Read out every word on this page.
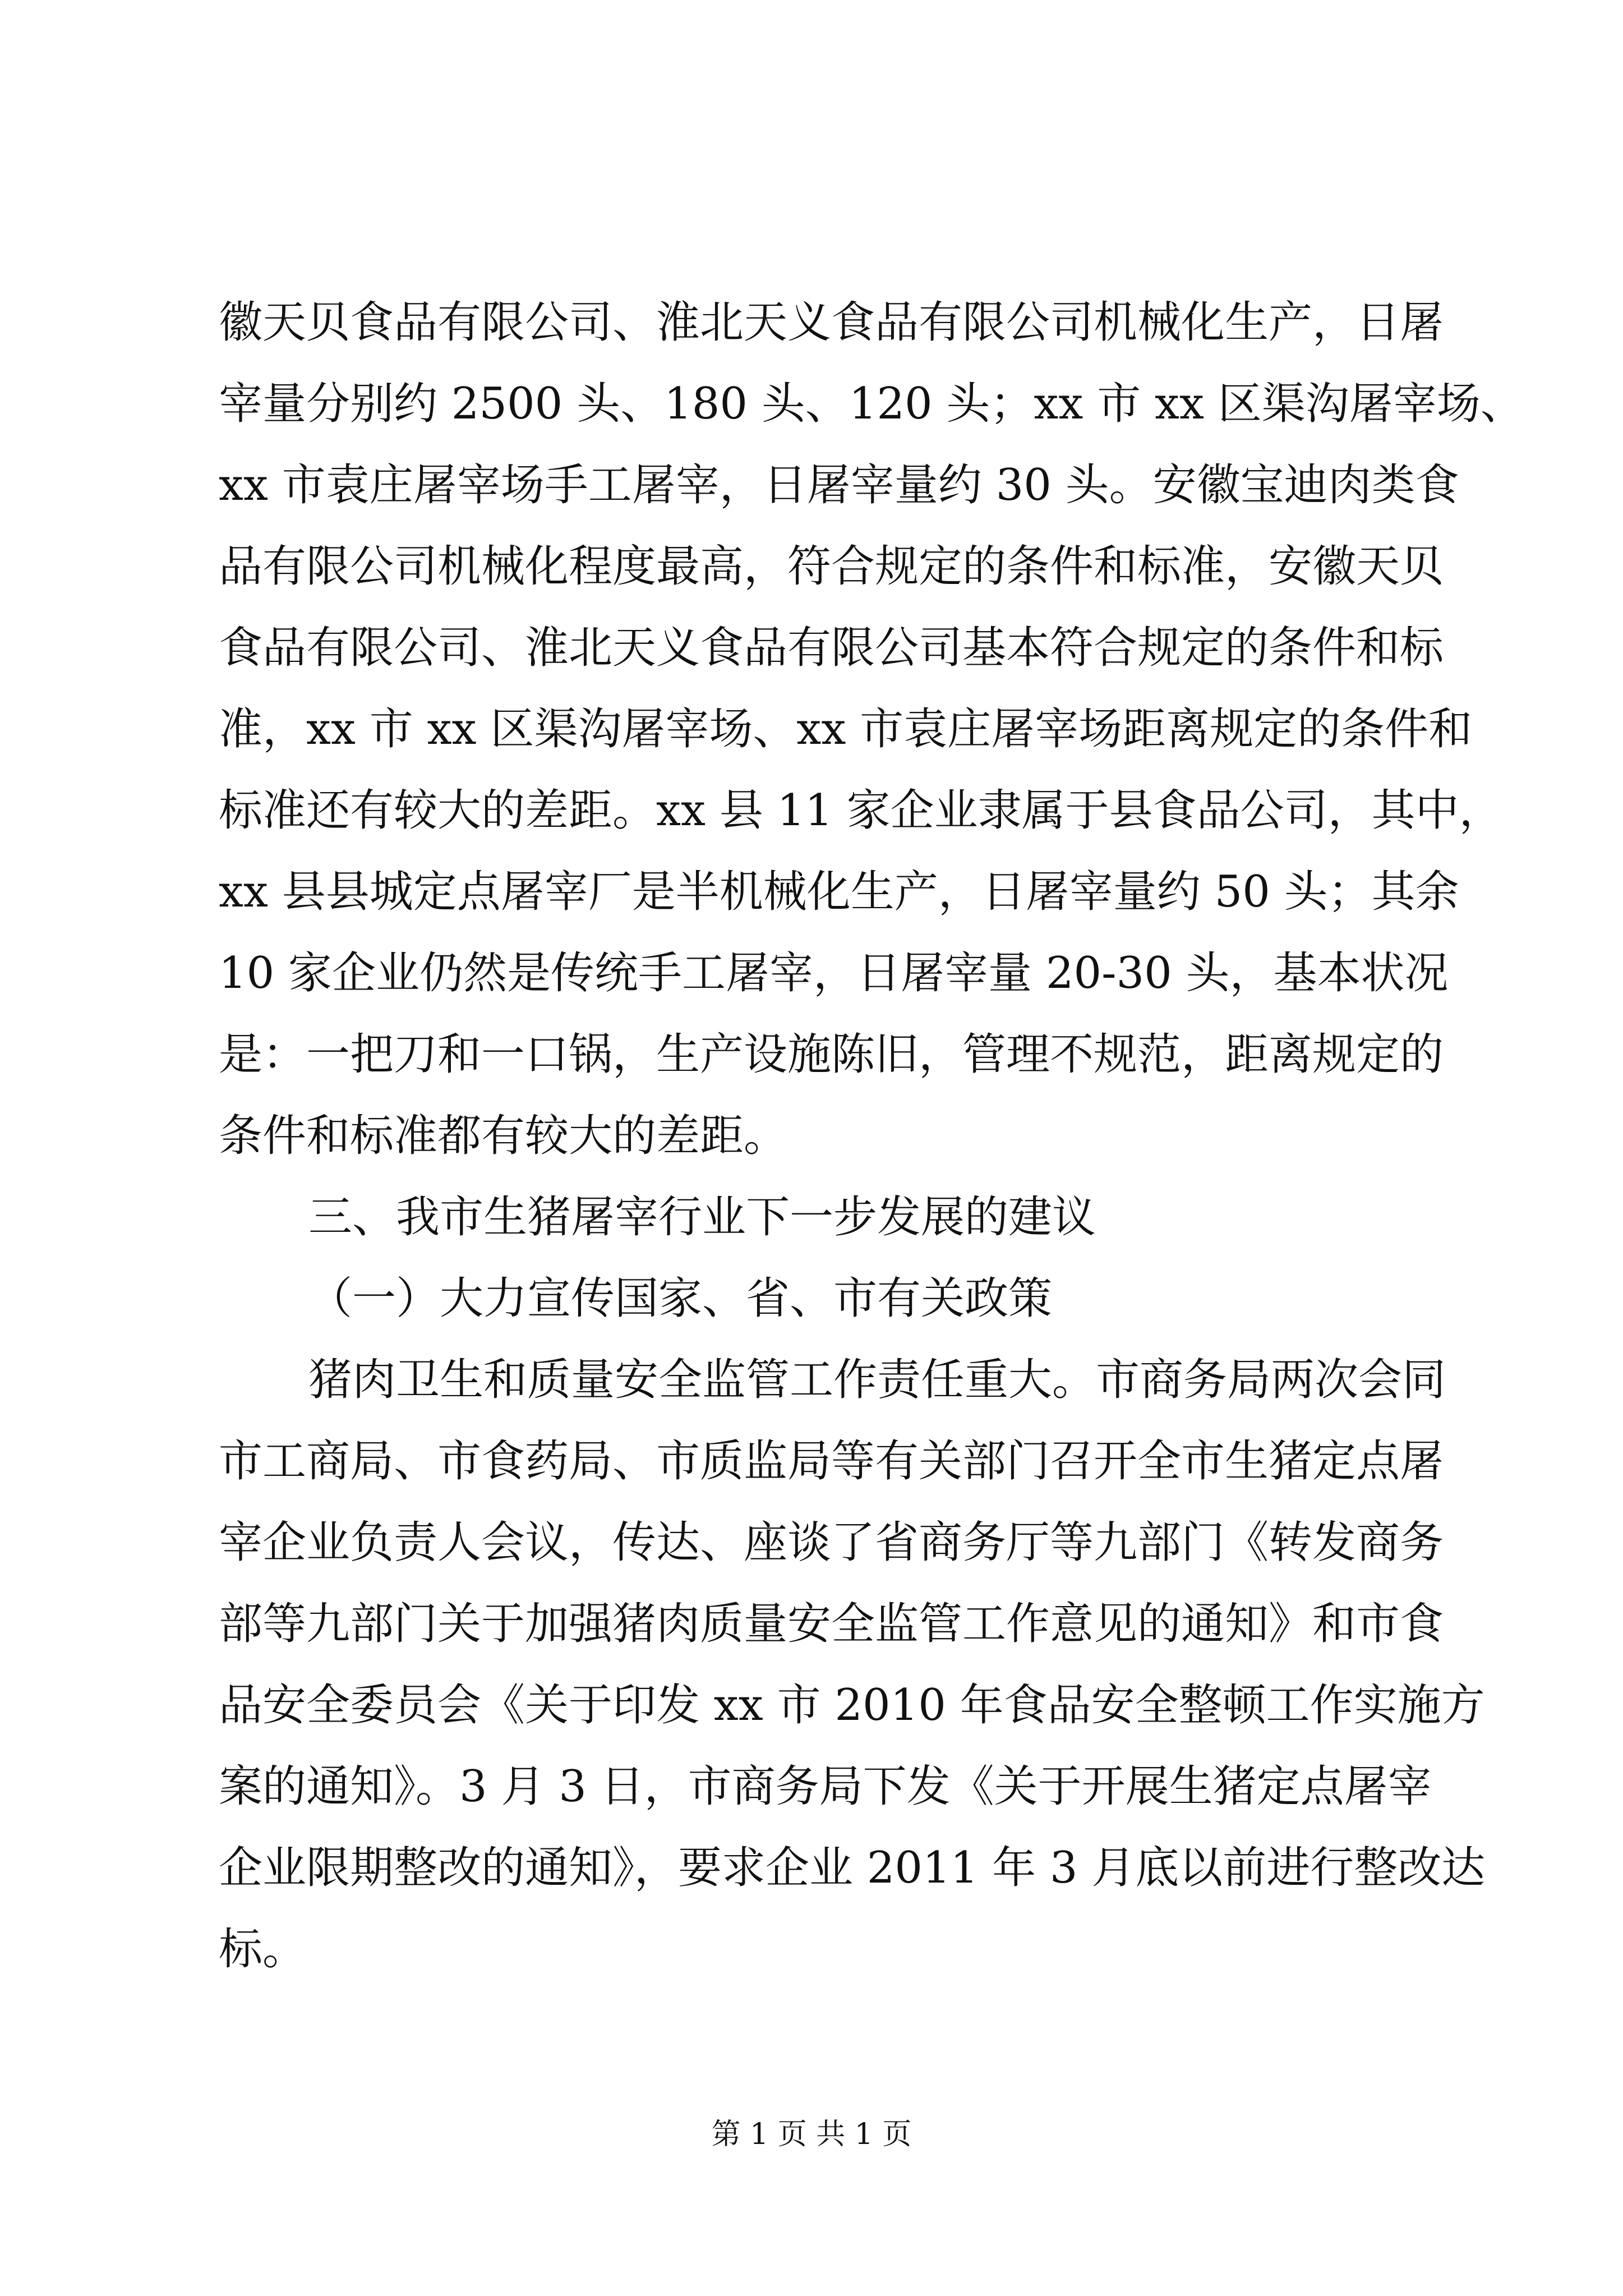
徽天贝食品有限公司、淮北天义食品有限公司机械化生产，日屠
宰量分别约 2500 头、180 头、120 头；xx 市 xx 区渠沟屠宰场、
xx 市袁庄屠宰场手工屠宰，日屠宰量约 30 头。安徽宝迪肉类食
品有限公司机械化程度最高，符合规定的条件和标准，安徽天贝
食品有限公司、淮北天义食品有限公司基本符合规定的条件和标
准，xx 市 xx 区渠沟屠宰场、xx 市袁庄屠宰场距离规定的条件和
标准还有较大的差距。xx 县 11 家企业隶属于县食品公司，其中，
xx 县县城定点屠宰厂是半机械化生产，日屠宰量约 50 头；其余
10 家企业仍然是传统手工屠宰，日屠宰量 20-30 头，基本状况
是：一把刀和一口锅，生产设施陈旧，管理不规范，距离规定的
条件和标准都有较大的差距。
三、我市生猪屠宰行业下一步发展的建议
（一）大力宣传国家、省、市有关政策
猪肉卫生和质量安全监管工作责任重大。市商务局两次会同
市工商局、市食药局、市质监局等有关部门召开全市生猪定点屠
宰企业负责人会议，传达、座谈了省商务厅等九部门《转发商务
部等九部门关于加强猪肉质量安全监管工作意见的通知》和市食
品安全委员会《关于印发 xx 市 2010 年食品安全整顿工作实施方
案的通知》。3 月 3 日，市商务局下发《关于开展生猪定点屠宰
企业限期整改的通知》，要求企业 2011 年 3 月底以前进行整改达
标。
第 1 页 共 1 页
